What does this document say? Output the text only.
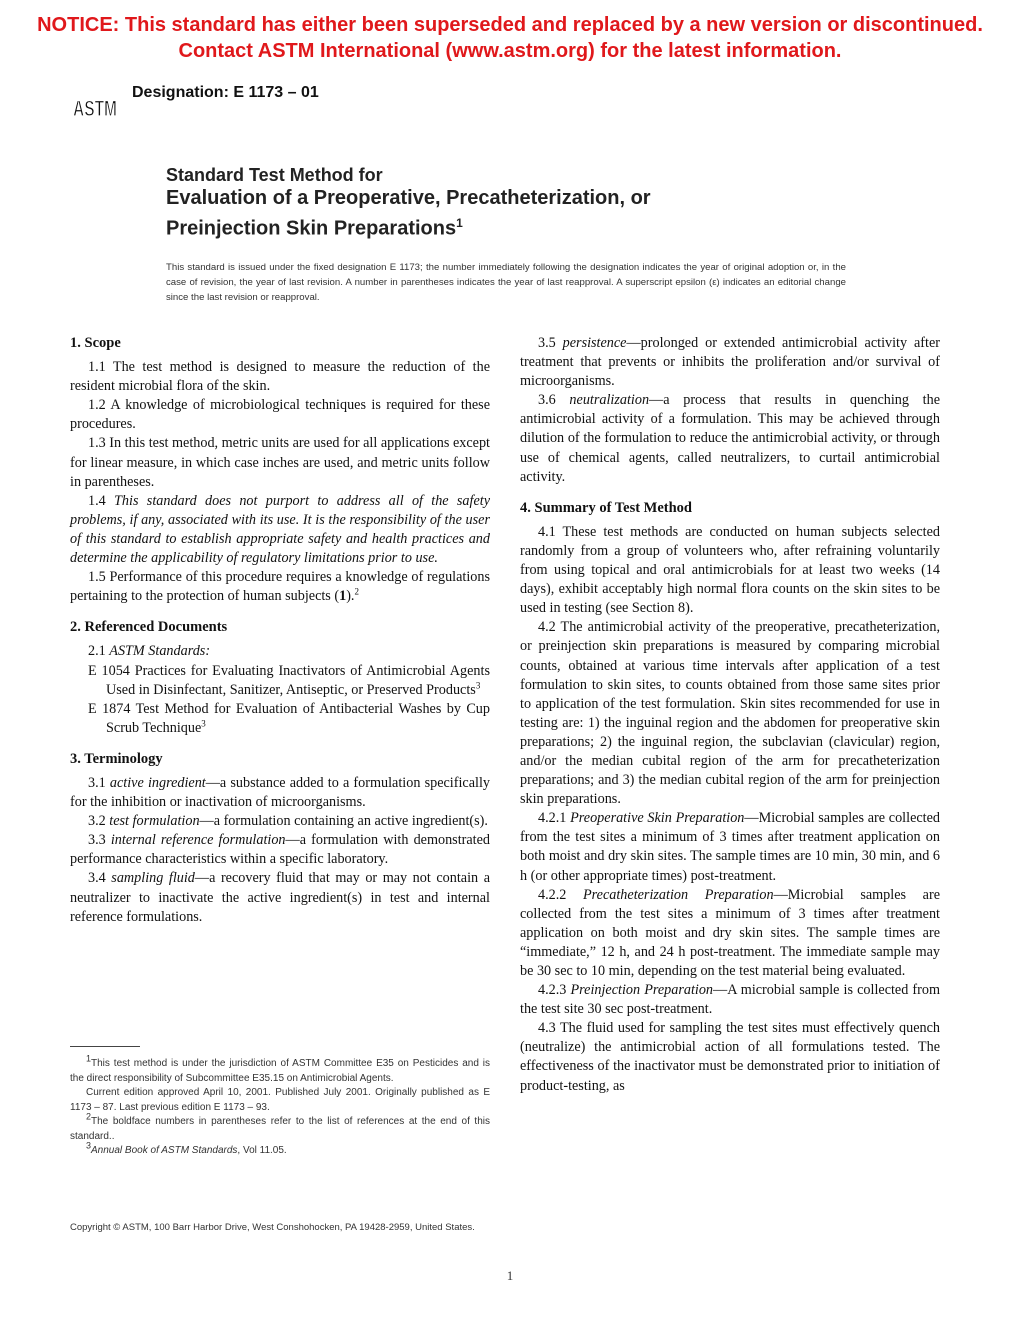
NOTICE: This standard has either been superseded and replaced by a new version or discontinued.
Contact ASTM International (www.astm.org) for the latest information.
ASTM
Designation: E 1173 – 01
Standard Test Method for
Evaluation of a Preoperative, Precatheterization, or
Preinjection Skin Preparations$^1$
This standard is issued under the fixed designation E 1173; the number immediately following the designation indicates the year of original adoption or, in the case of revision, the year of last revision. A number in parentheses indicates the year of last reapproval. A superscript epsilon (ε) indicates an editorial change since the last revision or reapproval.
1. Scope

1.1 The test method is designed to measure the reduction of the resident microbial flora of the skin.

1.2 A knowledge of microbiological techniques is required for these procedures.

1.3 In this test method, metric units are used for all applications except for linear measure, in which case inches are used, and metric units follow in parentheses.

1.4 This standard does not purport to address all of the safety problems, if any, associated with its use. It is the responsibility of the user of this standard to establish appropriate safety and health practices and determine the applicability of regulatory limitations prior to use.

1.5 Performance of this procedure requires a knowledge of regulations pertaining to the protection of human subjects (1).$^2$

2. Referenced Documents

2.1 ASTM Standards:

E 1054 Practices for Evaluating Inactivators of Antimicrobial Agents Used in Disinfectant, Sanitizer, Antiseptic, or Preserved Products$^3$

E 1874 Test Method for Evaluation of Antibacterial Washes by Cup Scrub Technique$^3$

3. Terminology

3.1 active ingredient—a substance added to a formulation specifically for the inhibition or inactivation of microorganisms.

3.2 test formulation—a formulation containing an active ingredient(s).

3.3 internal reference formulation—a formulation with demonstrated performance characteristics within a specific laboratory.

3.4 sampling fluid—a recovery fluid that may or may not contain a neutralizer to inactivate the active ingredient(s) in test and internal reference formulations.

3.5 persistence—prolonged or extended antimicrobial activity after treatment that prevents or inhibits the proliferation and/or survival of microorganisms.

3.6 neutralization—a process that results in quenching the antimicrobial activity of a formulation. This may be achieved through dilution of the formulation to reduce the antimicrobial activity, or through use of chemical agents, called neutralizers, to curtail antimicrobial activity.

4. Summary of Test Method

4.1 These test methods are conducted on human subjects selected randomly from a group of volunteers who, after refraining voluntarily from using topical and oral antimicrobials for at least two weeks (14 days), exhibit acceptably high normal flora counts on the skin sites to be used in testing (see Section 8).

4.2 The antimicrobial activity of the preoperative, precatheterization, or preinjection skin preparations is measured by comparing microbial counts, obtained at various time intervals after application of a test formulation to skin sites, to counts obtained from those same sites prior to application of the test formulation. Skin sites recommended for use in testing are: 1) the inguinal region and the abdomen for preoperative skin preparations; 2) the inguinal region, the subclavian (clavicular) region, and/or the median cubital region of the arm for precatheterization preparations; and 3) the median cubital region of the arm for preinjection skin preparations.

4.2.1 Preoperative Skin Preparation—Microbial samples are collected from the test sites a minimum of 3 times after treatment application on both moist and dry skin sites. The sample times are 10 min, 30 min, and 6 h (or other appropriate times) post-treatment.

4.2.2 Precatheterization Preparation—Microbial samples are collected from the test sites a minimum of 3 times after treatment application on both moist and dry skin sites. The sample times are “immediate,” 12 h, and 24 h post-treatment. The immediate sample may be 30 sec to 10 min, depending on the test material being evaluated.

4.2.3 Preinjection Preparation—A microbial sample is collected from the test site 30 sec post-treatment.

4.3 The fluid used for sampling the test sites must effectively quench (neutralize) the antimicrobial action of all formulations tested. The effectiveness of the inactivator must be demonstrated prior to initiation of product-testing, as

$^1$This test method is under the jurisdiction of ASTM Committee E35 on Pesticides and is the direct responsibility of Subcommittee E35.15 on Antimicrobial Agents.

Current edition approved April 10, 2001. Published July 2001. Originally published as E 1173 – 87. Last previous edition E 1173 – 93.

$^2$The boldface numbers in parentheses refer to the list of references at the end of this standard..

$^3$Annual Book of ASTM Standards, Vol 11.05.

Copyright © ASTM, 100 Barr Harbor Drive, West Conshohocken, PA 19428-2959, United States.
1
